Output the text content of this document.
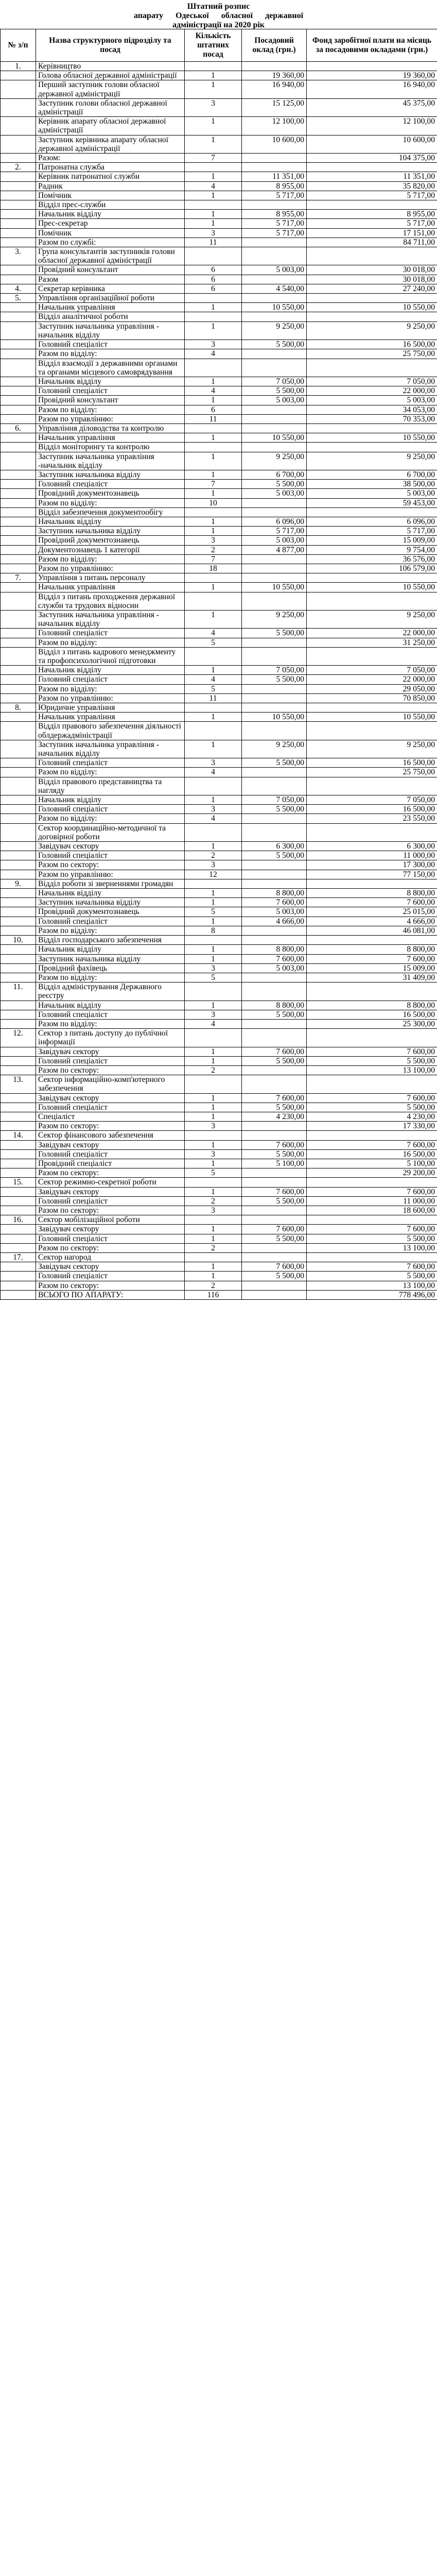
Штатний розпис
апарату      Одеської      обласної      державної
адміністрації на 2020 рік
№ з/п	Назва структурного підрозділу та посад	Кількість штатних посад	Посадовий оклад (грн.)	Фонд заробітної плати на місяць за посадовими окладами (грн.)
1.	Керівництво			
	Голова обласної державної адміністрації	1	19 360,00	19 360,00
	Перший заступник голови обласної державної адміністрації	1	16 940,00	16 940,00
	Заступник голови обласної державної адміністрації	3	15 125,00	45 375,00
	Керівник апарату обласної державної адміністрації	1	12 100,00	12 100,00
	Заступник керівника апарату обласної державної адміністрації	1	10 600,00	10 600,00
	Разом:	7		104 375,00
2.	Патронатна служба			
	Керівник патронатної служби	1	11 351,00	11 351,00
	Радник	4	8 955,00	35 820,00
	Помічник	1	5 717,00	5 717,00
	Відділ прес-служби			
	Начальник відділу	1	8 955,00	8 955,00
	Прес-секретар	1	5 717,00	5 717,00
	Помічник	3	5 717,00	17 151,00
	Разом по службі:	11		84 711,00
3.	Група консультантів заступників голови обласної державної адміністрації			
	Провідний консультант	6	5 003,00	30 018,00
	Разом	6		30 018,00
4.	Секретар керівника	6	4 540,00	27 240,00
5.	Управління організаційної роботи			
	Начальник управління	1	10 550,00	10 550,00
	Відділ аналітичної роботи			
	Заступник начальника управління - начальник відділу	1	9 250,00	9 250,00
	Головний спеціаліст	3	5 500,00	16 500,00
	Разом по відділу:	4		25 750,00
	Відділ взаємодії з державними органами та органами місцевого самоврядування			
	Начальник відділу	1	7 050,00	7 050,00
	Головний спеціаліст	4	5 500,00	22 000,00
	Провідний консультант	1	5 003,00	5 003,00
	Разом по відділу:	6		34 053,00
	Разом по управлінню:	11		70 353,00
6.	Управління діловодства та контролю			
	Начальник управління	1	10 550,00	10 550,00
	Відділ моніторингу та контролю			
	Заступник начальника управління -начальник відділу	1	9 250,00	9 250,00
	Заступник начальника відділу	1	6 700,00	6 700,00
	Головний спеціаліст	7	5 500,00	38 500,00
	Провідний документознавець	1	5 003,00	5 003,00
	Разом по відділу:	10		59 453,00
	Відділ забезпечення документообігу			
	Начальник відділу	1	6 096,00	6 096,00
	Заступник начальника відділу	1	5 717,00	5 717,00
	Провідний документознавець	3	5 003,00	15 009,00
	Документознавець 1 категорії	2	4 877,00	9 754,00
	Разом по відділу:	7		36 576,00
	Разом по управлінню:	18		106 579,00
7.	Управління з питань персоналу			
	Начальник управління	1	10 550,00	10 550,00
	Відділ з питань проходження державної служби та трудових відносин			
	Заступник начальника управління - начальник відділу	1	9 250,00	9 250,00
	Головний спеціаліст	4	5 500,00	22 000,00
	Разом по відділу:	5		31 250,00
	Відділ з питань кадрового менеджменту та профопсихологічної підготовки			
	Начальник відділу	1	7 050,00	7 050,00
	Головний спеціаліст	4	5 500,00	22 000,00
	Разом по відділу:	5		29 050,00
	Разом по управлінню:	11		70 850,00
8.	Юридичне управління			
	Начальник управління	1	10 550,00	10 550,00
	Відділ правового забезпечення діяльності облдержадміністрації			
	Заступник начальника управління - начальник відділу	1	9 250,00	9 250,00
	Головний спеціаліст	3	5 500,00	16 500,00
	Разом по відділу:	4		25 750,00
	Відділ правового представництва та нагляду			
	Начальник відділу	1	7 050,00	7 050,00
	Головний спеціаліст	3	5 500,00	16 500,00
	Разом по відділу:	4		23 550,00
	Сектор координаційно-методичної та договірної роботи			
	Завідувач сектору	1	6 300,00	6 300,00
	Головний спеціаліст	2	5 500,00	11 000,00
	Разом по сектору:	3		17 300,00
	Разом по управлінню:	12		77 150,00
9.	Відділ роботи зі зверненнями громадян			
	Начальник відділу	1	8 800,00	8 800,00
	Заступник начальника відділу	1	7 600,00	7 600,00
	Провідний документознавець	5	5 003,00	25 015,00
	Головний спеціаліст	1	4 666,00	4 666,00
	Разом по відділу:	8		46 081,00
10.	Відділ господарського забезпечення			
	Начальник відділу	1	8 800,00	8 800,00
	Заступник начальника відділу	1	7 600,00	7 600,00
	Провідний фахівець	3	5 003,00	15 009,00
	Разом по відділу:	5		31 409,00
11.	Відділ адміністрування Державного реєстру			
	Начальник відділу	1	8 800,00	8 800,00
	Головний спеціаліст	3	5 500,00	16 500,00
	Разом по відділу:	4		25 300,00
12.	Сектор з питань доступу до публічної інформації			
	Завідувач сектору	1	7 600,00	7 600,00
	Головний спеціаліст	1	5 500,00	5 500,00
	Разом по сектору:	2		13 100,00
13.	Сектор інформаційно-комп'ютерного забезпечення			
	Завідувач сектору	1	7 600,00	7 600,00
	Головний спеціаліст	1	5 500,00	5 500,00
	Спеціаліст	1	4 230,00	4 230,00
	Разом по сектору:	3		17 330,00
14.	Сектор фінансового забезпечення			
	Завідувач сектору	1	7 600,00	7 600,00
	Головний спеціаліст	3	5 500,00	16 500,00
	Провідний спеціаліст	1	5 100,00	5 100,00
	Разом по сектору:	5		29 200,00
15.	Сектор режимно-секретної роботи			
	Завідувач сектору	1	7 600,00	7 600,00
	Головний спеціаліст	2	5 500,00	11 000,00
	Разом по сектору:	3		18 600,00
16.	Сектор мобілізаційної роботи			
	Завідувач сектору	1	7 600,00	7 600,00
	Головний спеціаліст	1	5 500,00	5 500,00
	Разом по сектору:	2		13 100,00
17.	Сектор нагород			
	Завідувач сектору	1	7 600,00	7 600,00
	Головний спеціаліст	1	5 500,00	5 500,00
	Разом по сектору:	2		13 100,00
	ВСЬОГО ПО АПАРАТУ:	116		778 496,00
